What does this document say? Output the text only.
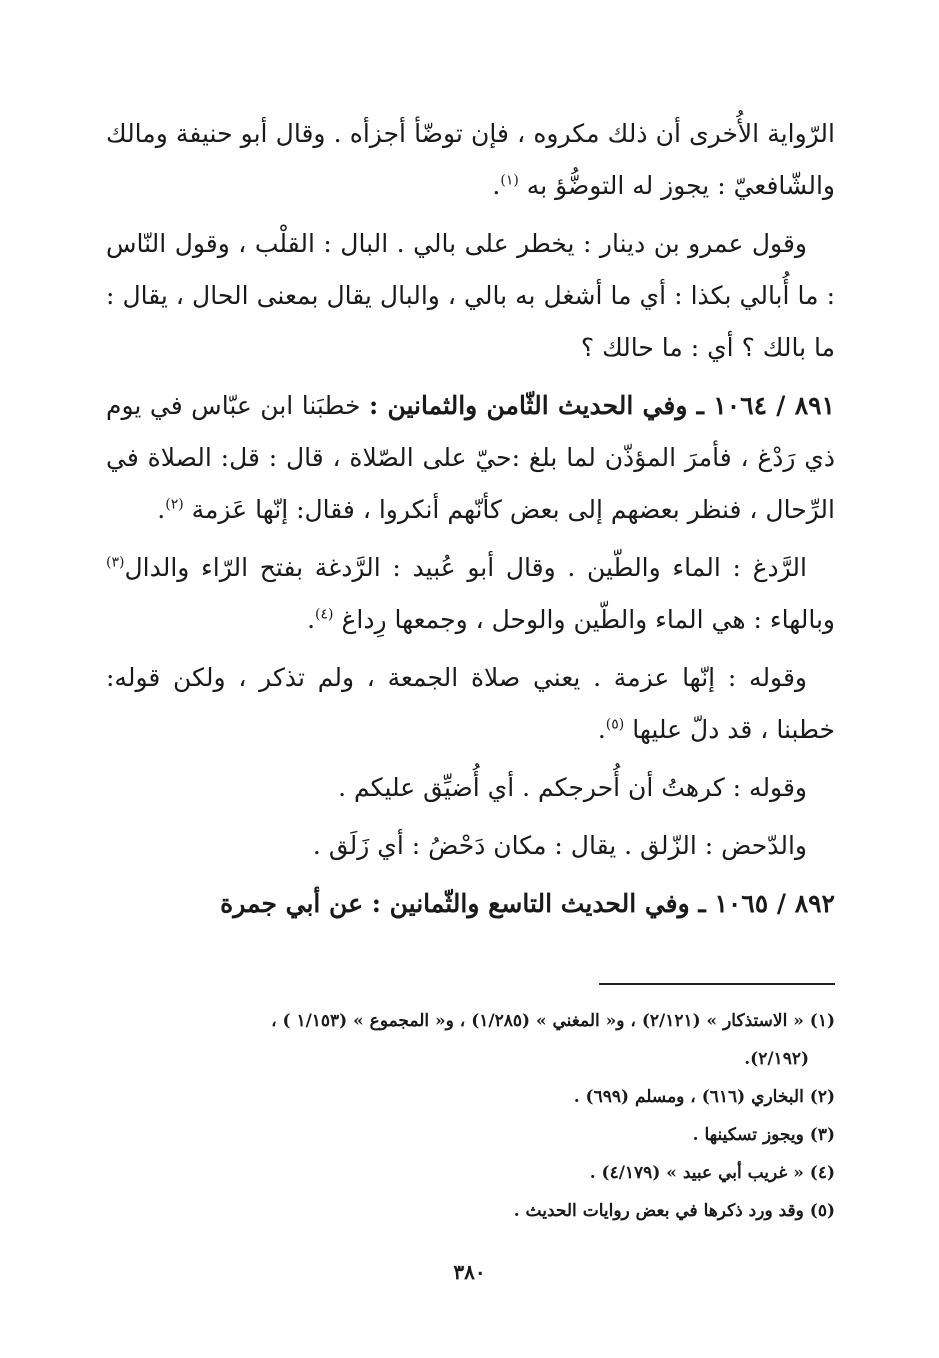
الرّواية الأُخرى أن ذلك مكروه ، فإن توضّأ أجزأه . وقال أبو حنيفة ومالك والشّافعيّ : يجوز له التوضُّؤ به $^{(١)}$.

وقول عمرو بن دينار : يخطر على بالي . البال : القلْب ، وقول النّاس : ما أُبالي بكذا : أي ما أشغل به بالي ، والبال يقال بمعنى الحال ، يقال : ما بالك ؟ أي : ما حالك ؟

٨٩١ / ١٠٦٤ ـ وفي الحديث الثّامن والثمانين : خطبَنا ابن عبّاس في يوم ذي رَدْغ ، فأمرَ المؤذّن لما بلغ :حيّ على الصّلاة ، قال : قل: الصلاة في الرِّحال ، فنظر بعضهم إلى بعض كأنّهم أنكروا ، فقال: إنّها عَزمة $^{(٢)}$.

الرَّدغ : الماء والطّين . وقال أبو عُبيد : الرَّدغة بفتح الرّاء والدال$^{(٣)}$ وبالهاء : هي الماء والطّين والوحل ، وجمعها رِداغ $^{(٤)}$.

وقوله : إنّها عزمة . يعني صلاة الجمعة ، ولم تذكر ، ولكن قوله: خطبنا ، قد دلّ عليها $^{(٥)}$.

وقوله : كرهتُ أن أُحرجكم . أي أُضيِّق عليكم .

والدّحض : الزّلق . يقال : مكان دَحْضُ : أي زَلَق .

٨٩٢ / ١٠٦٥ ـ وفي الحديث التاسع والثّمانين : عن أبي جمرة

(١) « الاستذكار » (٢/١٢١) ، و« المغني » (١/٢٨٥) ، و« المجموع » (١/١٥٣ ) ،

(٢/١٩٢).

(٢) البخاري (٦١٦) ، ومسلم (٦٩٩) .

(٣) ويجوز تسكينها .

(٤) « غريب أبي عبيد » (٤/١٧٩) .

(٥) وقد ورد ذكرها في بعض روايات الحديث .

٣٨٠
